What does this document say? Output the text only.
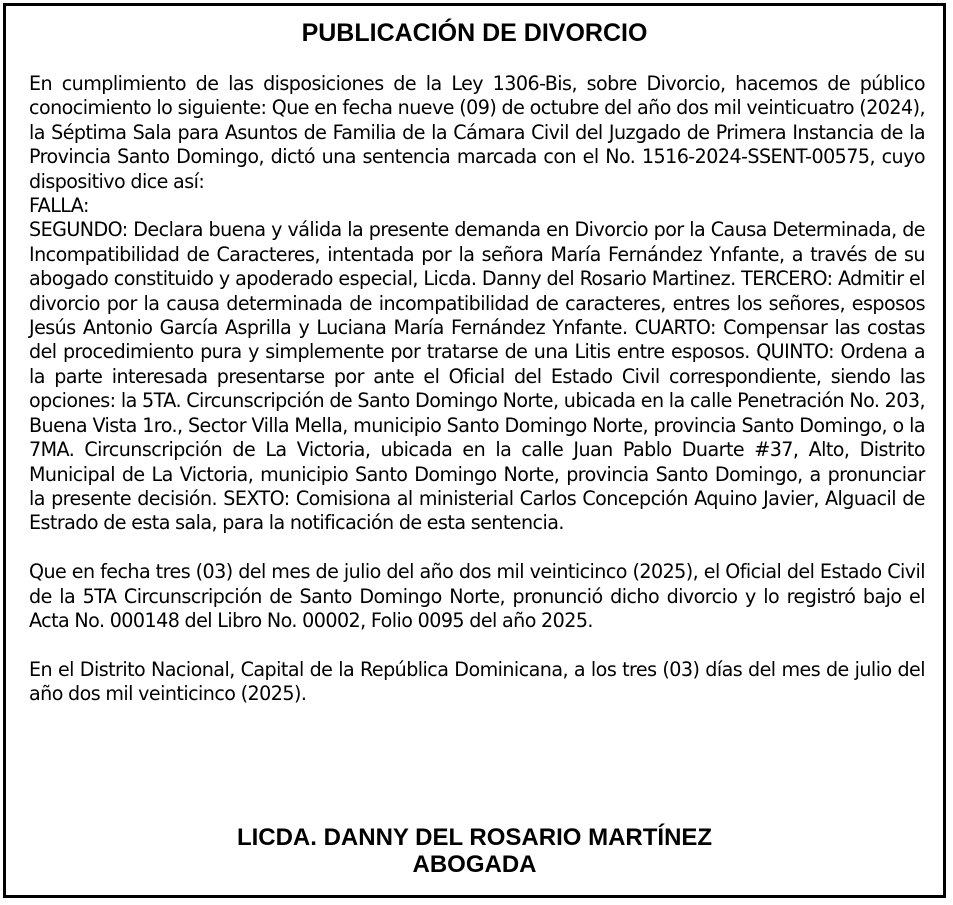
PUBLICACIÓN DE DIVORCIO
En cumplimiento de las disposiciones de la Ley 1306-Bis, sobre Divorcio, hacemos de público conocimiento lo siguiente: Que en fecha nueve (09) de octubre del año dos mil veinticuatro (2024), la Séptima Sala para Asuntos de Familia de la Cámara Civil del Juzgado de Primera Instancia de la Provincia Santo Domingo, dictó una sentencia marcada con el No. 1516-2024-SSENT-00575, cuyo dispositivo dice así:
FALLA:
SEGUNDO: Declara buena y válida la presente demanda en Divorcio por la Causa Determinada, de Incompatibilidad de Caracteres, intentada por la señora María Fernández Ynfante, a través de su abogado constituido y apoderado especial, Licda. Danny del Rosario Martinez. TERCERO: Admitir el divorcio por la causa determinada de incompatibilidad de caracteres, entres los señores, esposos Jesús Antonio García Asprilla y Luciana María Fernández Ynfante. CUARTO: Compensar las costas del procedimiento pura y simplemente por tratarse de una Litis entre esposos. QUINTO: Ordena a la parte interesada presentarse por ante el Oficial del Estado Civil correspondiente, siendo las opciones: la 5TA. Circunscripción de Santo Domingo Norte, ubicada en la calle Penetración No. 203, Buena Vista 1ro., Sector Villa Mella, municipio Santo Domingo Norte, provincia Santo Domingo, o la 7MA. Circunscripción de La Victoria, ubicada en la calle Juan Pablo Duarte #37, Alto, Distrito Municipal de La Victoria, municipio Santo Domingo Norte, provincia Santo Domingo, a pronunciar la presente decisión. SEXTO: Comisiona al ministerial Carlos Concepción Aquino Javier, Alguacil de Estrado de esta sala, para la notificación de esta sentencia.

Que en fecha tres (03) del mes de julio del año dos mil veinticinco (2025), el Oficial del Estado Civil de la 5TA Circunscripción de Santo Domingo Norte, pronunció dicho divorcio y lo registró bajo el Acta No. 000148 del Libro No. 00002, Folio 0095 del año 2025.

En el Distrito Nacional, Capital de la República Dominicana, a los tres (03) días del mes de julio del año dos mil veinticinco (2025).

LICDA. DANNY DEL ROSARIO MARTÍNEZ
ABOGADA
